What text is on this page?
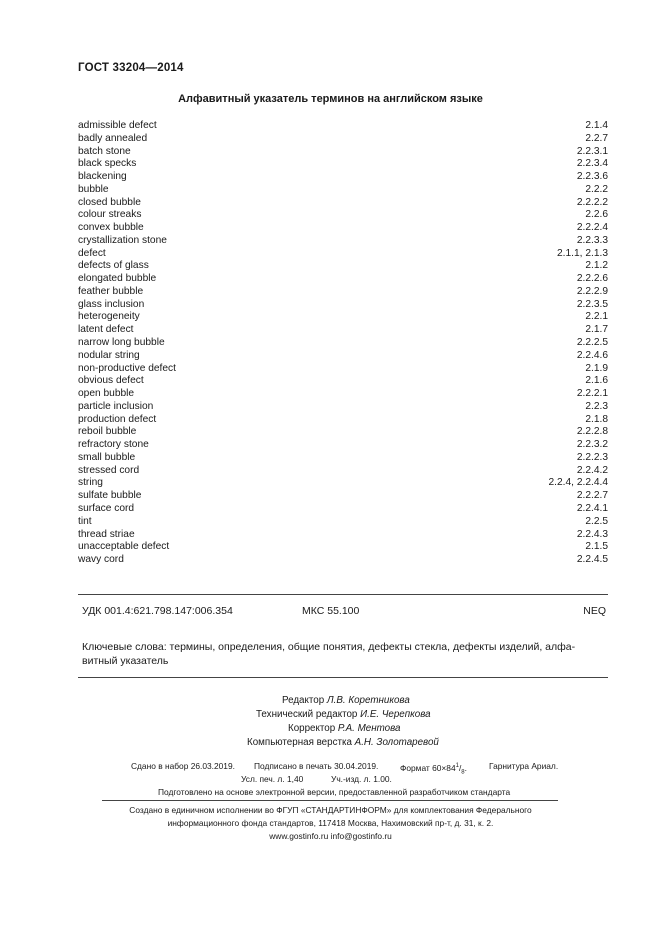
ГОСТ 33204—2014
Алфавитный указатель терминов на английском языке
admissible defect	2.1.4
badly annealed	2.2.7
batch stone	2.2.3.1
black specks	2.2.3.4
blackening	2.2.3.6
bubble	2.2.2
closed bubble	2.2.2.2
colour streaks	2.2.6
convex bubble	2.2.2.4
crystallization stone	2.2.3.3
defect	2.1.1, 2.1.3
defects of glass	2.1.2
elongated bubble	2.2.2.6
feather bubble	2.2.2.9
glass inclusion	2.2.3.5
heterogeneity	2.2.1
latent defect	2.1.7
narrow long bubble	2.2.2.5
nodular string	2.2.4.6
non-productive defect	2.1.9
obvious defect	2.1.6
open bubble	2.2.2.1
particle inclusion	2.2.3
production defect	2.1.8
reboil bubble	2.2.2.8
refractory stone	2.2.3.2
small bubble	2.2.2.3
stressed cord	2.2.4.2
string	2.2.4, 2.2.4.4
sulfate bubble	2.2.2.7
surface cord	2.2.4.1
tint	2.2.5
thread striae	2.2.4.3
unacceptable defect	2.1.5
wavy cord	2.2.4.5
УДК 001.4:621.798.147:006.354	МКС 55.100	NEQ
Ключевые слова: термины, определения, общие понятия, дефекты стекла, дефекты изделий, алфа-
витный указатель
Редактор Л.В. Коретникова
Технический редактор И.Е. Черепкова
Корректор Р.А. Ментова
Компьютерная верстка А.Н. Золотаревой
Сдано в набор 26.03.2019. Подписано в печать 30.04.2019.	Формат $60\times 84^1/_8$.	Гарнитура Ариал.
Усл. печ. л. 1,40	Уч.-изд. л. 1.00.
Подготовлено на основе электронной версии, предоставленной разработчиком стандарта
Создано в единичном исполнении во ФГУП «СТАНДАРТИНФОРМ» для комплектования Федерального
информационного фонда стандартов, 117418 Москва, Нахимовский пр-т, д. 31, к. 2.
www.gostinfo.ru info@gostinfo.ru
